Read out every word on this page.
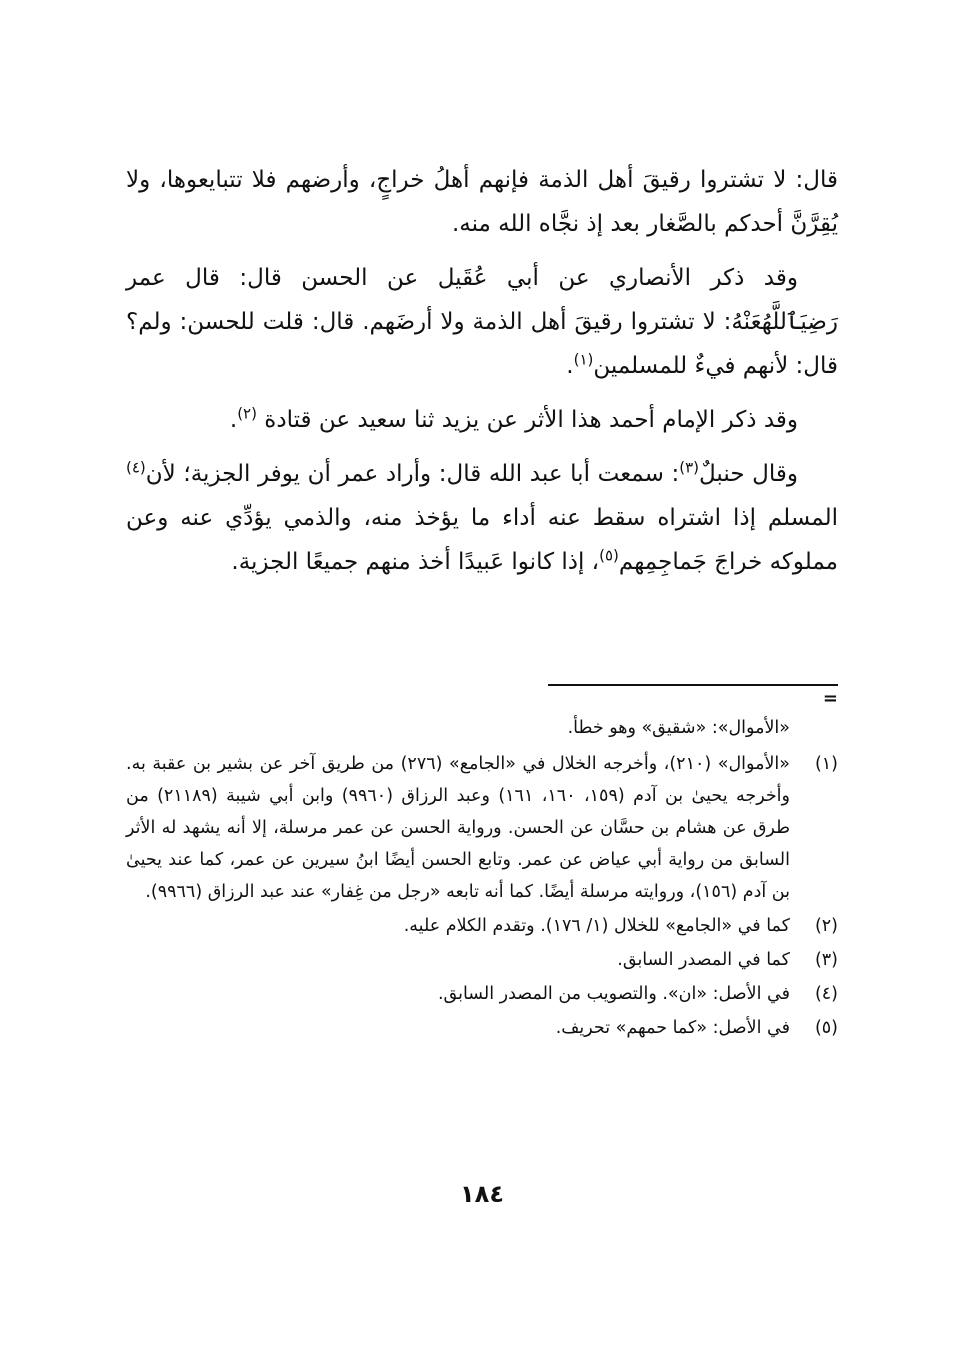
قال: لا تشتروا رقيقَ أهل الذمة فإنهم أهلُ خراجٍ، وأرضهم فلا تتبايعوها، ولا يُقِرَّنَّ أحدكم بالصَّغار بعد إذ نجَّاه الله منه.

وقد ذكر الأنصاري عن أبي عُقَيل عن الحسن قال: قال عمر رَضِيَٱللَّهُعَنْهُ: لا تشتروا رقيقَ أهل الذمة ولا أرضَهم. قال: قلت للحسن: ولم؟ قال: لأنهم فيءٌ للمسلمين$^{(١)}$.

وقد ذكر الإمام أحمد هذا الأثر عن يزيد ثنا سعيد عن قتادة $^{(٢)}$.

وقال حنبلٌ$^{(٣)}$: سمعت أبا عبد الله قال: وأراد عمر أن يوفر الجزية؛ لأن$^{(٤)}$ المسلم إذا اشتراه سقط عنه أداء ما يؤخذ منه، والذمي يؤدِّي عنه وعن مملوكه خراجَ جَماجِمِهم$^{(٥)}$، إذا كانوا عَبيدًا أخذ منهم جميعًا الجزية.

=
«الأموال»: «شقيق» وهو خطأ.
(١)
«الأموال» (٢١٠)، وأخرجه الخلال في «الجامع» (٢٧٦) من طريق آخر عن بشير بن عقبة به. وأخرجه يحيىٰ بن آدم (١٥٩، ١٦٠، ١٦١) وعبد الرزاق (٩٩٦٠) وابن أبي شيبة (٢١١٨٩) من طرق عن هشام بن حسَّان عن الحسن. ورواية الحسن عن عمر مرسلة، إلا أنه يشهد له الأثر السابق من رواية أبي عياض عن عمر. وتابع الحسن أيضًا ابنُ سيرين عن عمر، كما عند يحيىٰ بن آدم (١٥٦)، وروايته مرسلة أيضًا. كما أنه تابعه «رجل من غِفار» عند عبد الرزاق (٩٩٦٦).
(٢)
كما في «الجامع» للخلال (١/ ١٧٦). وتقدم الكلام عليه.
(٣)
كما في المصدر السابق.
(٤)
في الأصل: «ان». والتصويب من المصدر السابق.
(٥)
في الأصل: «كما حمهم» تحريف.
١٨٤
